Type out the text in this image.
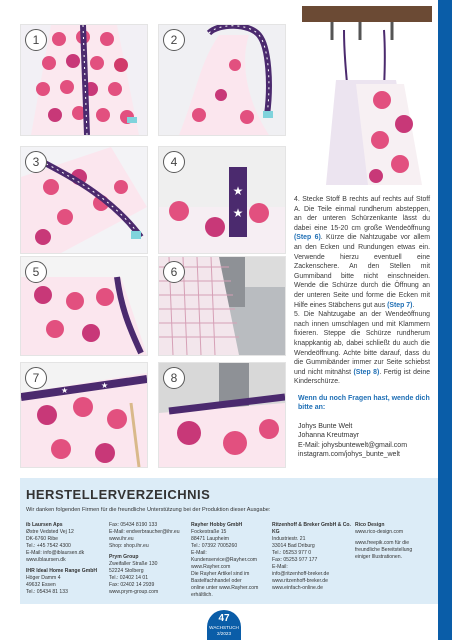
1	2
3
★
★
4
5	6
★
★
7	8

4. Stecke Stoff B rechts auf rechts auf Stoff A. Die Teile einmal rundherum absteppen, an der unteren Schürzenkante lässt du dabei eine 15-20 cm große Wendeöffnung (Step 6). Kürze die Nahtzugabe vor allem an den Ecken und Rundungen etwas ein. Verwende hierzu eventuell eine Zackenschere. An den Stellen mit Gummiband bitte nicht einschneiden. Wende die Schürze durch die Öffnung an der unteren Seite und forme die Ecken mit Hilfe eines Stäbchens gut aus (Step 7).

5. Die Nahtzugabe an der Wendeöffnung nach innen umschlagen und mit Klammern fixieren. Steppe die Schürze rundherum knappkantig ab, dabei schließt du auch die Wendeöffnung. Achte bitte darauf, dass du die Gummibänder immer zur Seite schiebst und nicht mitnähst (Step 8). Fertig ist deine Kinderschürze.

Wenn du noch Fragen hast, wende dich bitte an:
Johys Bunte Welt
Johanna Kreutmayr
E-Mail: johysbuntewelt@gmail.com
instagram.com/johys_bunte_welt
HERSTELLERVERZEICHNIS
Wir danken folgenden Firmen für die freundliche Unterstützung bei der Produktion dieser Ausgabe:
ib Laursen Aps
Østre Vedsted Vej 12
DK-6760 Ribe
Tel.: +45 7542 4300
E-Mail: info@iblaursen.dk
www.iblaursen.dk
IHR Ideal Home Range GmbH
Höger Damm 4
49632 Essen
Tel.: 05434 81 133
Fax: 05434 8190 133
E-Mail: endverbraucher@ihr.eu
www.ihr.eu
Shop: shop.ihr.eu
Prym Group
Zweifaller Straße 130
52224 Stolberg
Tel.: 02402 14 01
Fax: 02402 14 2939
www.prym-group.com
Rayher Hobby GmbH
Fockestraße 15
88471 Laupheim
Tel.: 07392 7005260
E-Mail:
Kundenservice@Rayher.com
www.Rayher.com
Die Rayher Artikel sind im
Bastelfachhandel oder
online unter www.Rayher.com
erhältlich.
Ritzenhoff & Breker GmbH & Co. KG
Industriestr. 21
33014 Bad Driburg
Tel.: 05253 977 0
Fax: 05253 977 177
E-Mail:
info@ritzenhoff-breker.de
www.ritzenhoff-breker.de
www.einfach-online.de
Rico Design
www.rico-design.com
www.freepik.com für die
freundliche Bereitstellung
einiger Illustrationen.
47
WACHSTUCH
2/2023
